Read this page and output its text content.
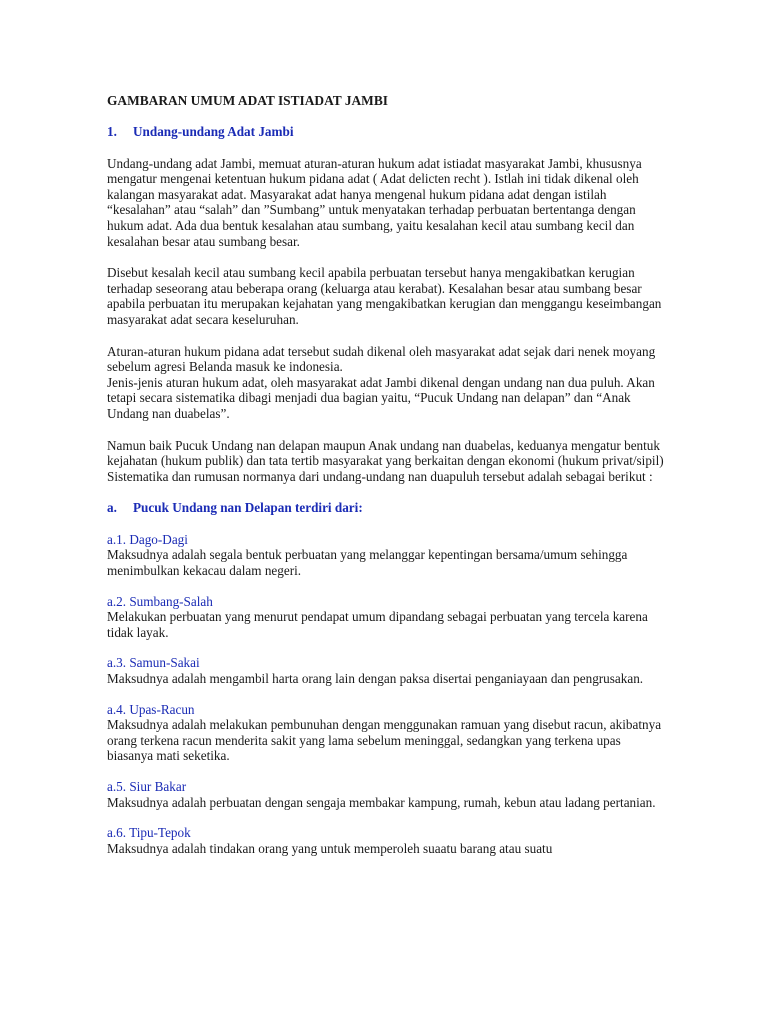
GAMBARAN UMUM ADAT ISTIADAT JAMBI

1.	Undang-undang Adat Jambi

Undang-undang adat Jambi, memuat aturan-aturan hukum adat istiadat masyarakat Jambi, khususnya mengatur mengenai ketentuan hukum pidana adat ( Adat delicten recht ). Istlah ini tidak dikenal oleh kalangan masyarakat adat. Masyarakat adat hanya mengenal hukum pidana adat dengan istilah “kesalahan” atau “salah” dan ”Sumbang” untuk menyatakan terhadap perbuatan bertentanga dengan hukum adat. Ada dua bentuk kesalahan atau sumbang, yaitu kesalahan kecil atau sumbang kecil dan kesalahan besar atau sumbang besar.

Disebut kesalah kecil atau sumbang kecil apabila perbuatan tersebut hanya mengakibatkan kerugian terhadap seseorang atau beberapa orang (keluarga atau kerabat). Kesalahan besar atau sumbang besar apabila perbuatan itu merupakan kejahatan yang mengakibatkan kerugian dan menggangu keseimbangan masyarakat adat secara keseluruhan.

Aturan-aturan hukum pidana adat tersebut sudah dikenal oleh masyarakat adat sejak dari nenek moyang sebelum agresi Belanda masuk ke indonesia.

Jenis-jenis aturan hukum adat, oleh masyarakat adat Jambi dikenal dengan undang nan dua puluh. Akan tetapi secara sistematika dibagi menjadi dua bagian yaitu, “Pucuk Undang nan delapan” dan “Anak Undang nan duabelas”.

Namun baik Pucuk Undang nan delapan maupun Anak undang nan duabelas, keduanya mengatur bentuk kejahatan (hukum publik) dan tata tertib masyarakat yang berkaitan dengan ekonomi (hukum privat/sipil)

Sistematika dan rumusan normanya dari undang-undang nan duapuluh tersebut adalah sebagai berikut :

a.	Pucuk Undang nan Delapan terdiri dari:

a.1. Dago-Dagi

Maksudnya adalah segala bentuk perbuatan yang melanggar kepentingan bersama/umum sehingga menimbulkan kekacau dalam negeri.

a.2. Sumbang-Salah

Melakukan perbuatan yang menurut pendapat umum dipandang sebagai perbuatan yang tercela karena tidak layak.

a.3. Samun-Sakai

Maksudnya adalah mengambil harta orang lain dengan paksa disertai penganiayaan dan pengrusakan.

a.4. Upas-Racun

Maksudnya adalah melakukan pembunuhan dengan menggunakan ramuan yang disebut racun, akibatnya orang terkena racun menderita sakit yang lama sebelum meninggal, sedangkan yang terkena upas biasanya mati seketika.

a.5. Siur Bakar

Maksudnya adalah perbuatan dengan sengaja membakar kampung, rumah, kebun atau ladang pertanian.

a.6. Tipu-Tepok

Maksudnya adalah tindakan orang yang untuk memperoleh suaatu barang atau suatu
